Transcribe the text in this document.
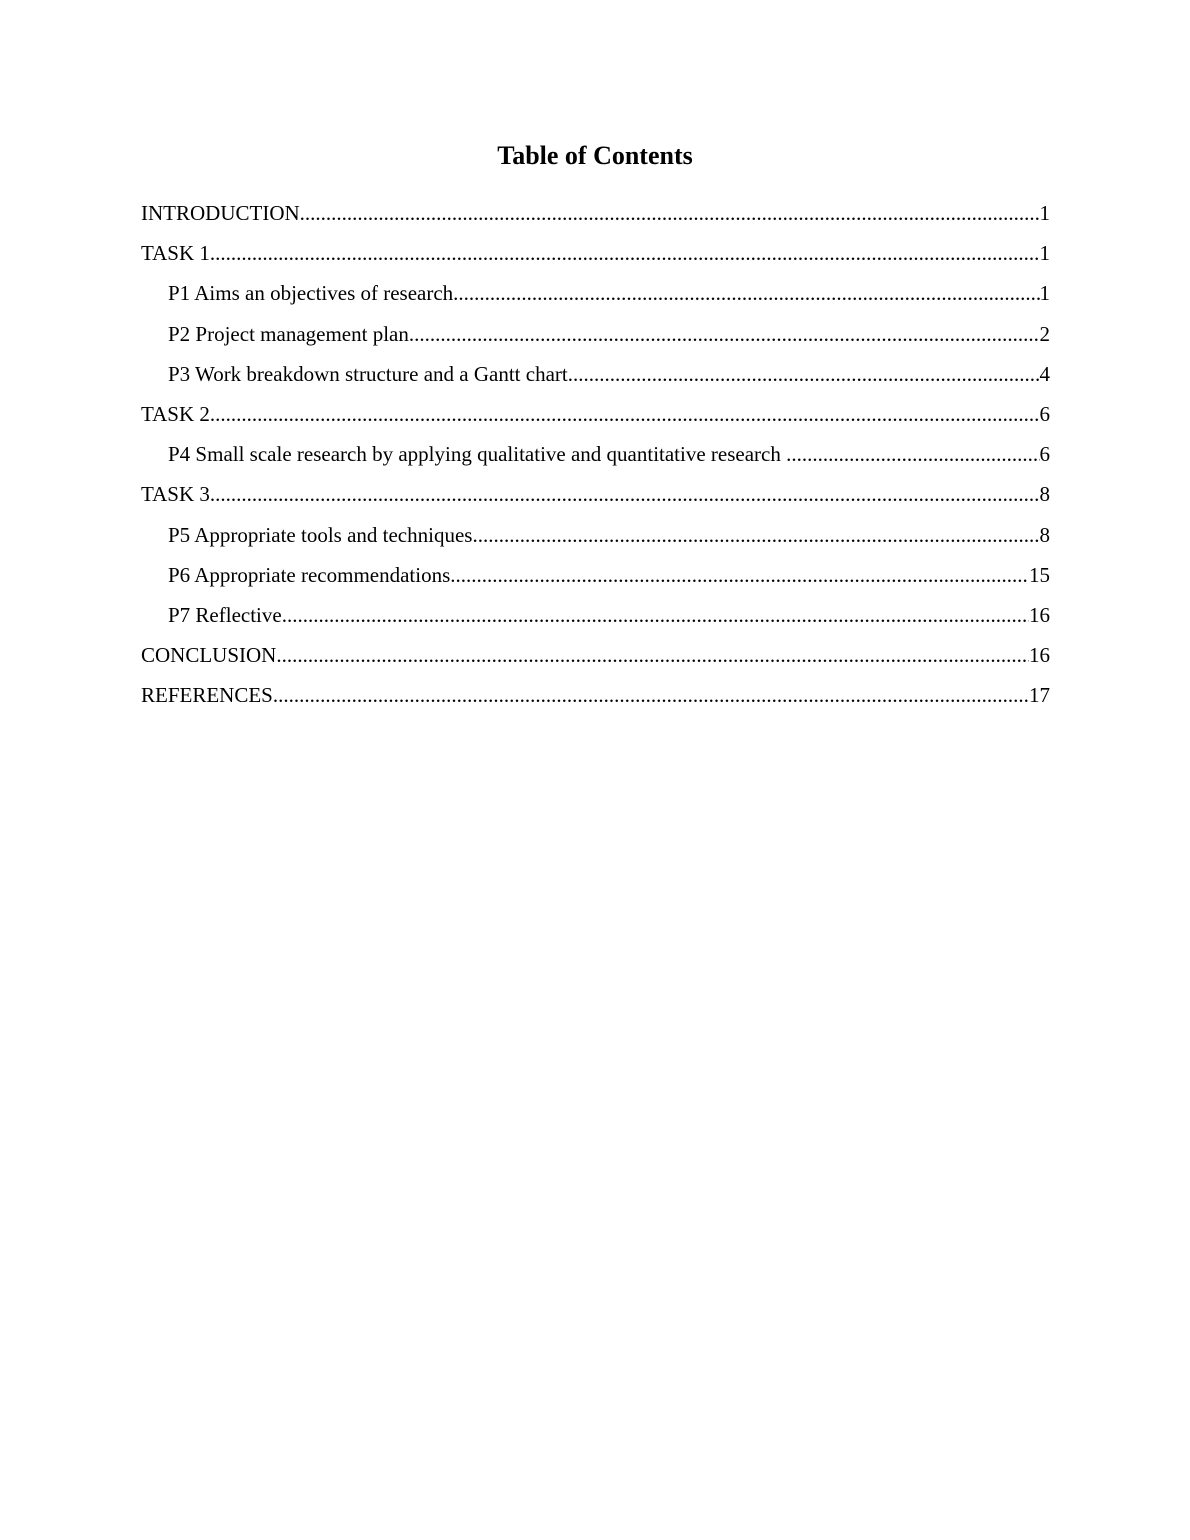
Table of Contents
INTRODUCTION .....	1
TASK 1 .....	1
P1 Aims an objectives of research .....	1
P2 Project management plan .....	2
P3 Work breakdown structure and a Gantt chart .....	4
TASK 2 .....	6
P4 Small scale research by applying qualitative and quantitative research .....	6
TASK 3 .....	8
P5 Appropriate tools and techniques .....	8
P6 Appropriate recommendations .....	15
P7 Reflective .....	16
CONCLUSION .....	16
REFERENCES .....	17
